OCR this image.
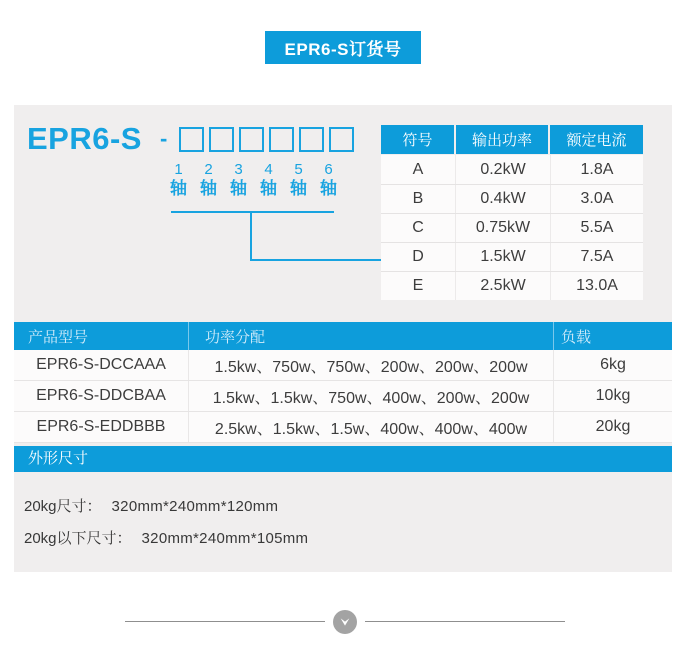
EPR6-S订货号
EPR6-S -
1
轴
2
轴
3
轴
4
轴
5
轴
6
轴
符号	输出功率	额定电流
A	0.2kW	1.8A
B	0.4kW	3.0A
C	0.75kW	5.5A
D	1.5kW	7.5A
E	2.5kW	13.0A
产品型号	功率分配	负载
EPR6-S-DCCAAA	1.5kw、750w、750w、200w、200w、200w	6kg
EPR6-S-DDCBAA	1.5kw、1.5kw、750w、400w、200w、200w	10kg
EPR6-S-EDDBBB	2.5kw、1.5kw、1.5w、400w、400w、400w	20kg
外形尺寸
20kg尺寸： 320mm*240mm*120mm
20kg以下尺寸： 320mm*240mm*105mm
